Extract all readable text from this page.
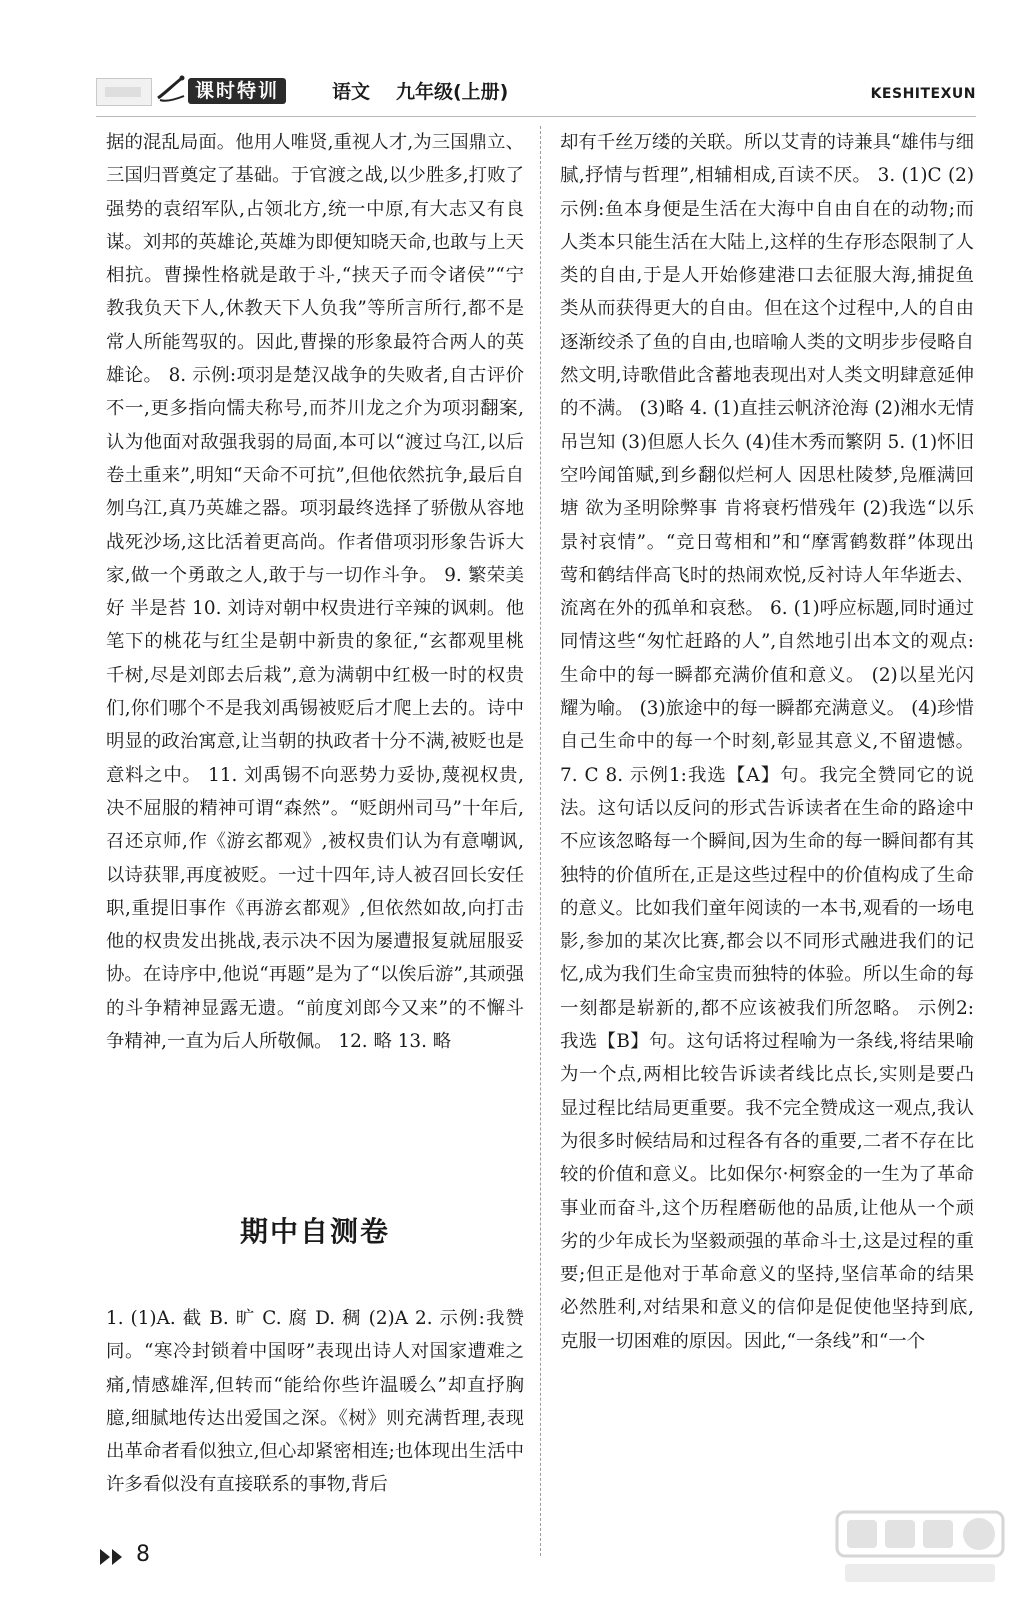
课时特训	语文 九年级(上册)	KESHITEXUN

据的混乱局面。他用人唯贤,重视人才,为三国鼎立、三国归晋奠定了基础。于官渡之战,以少胜多,打败了强势的袁绍军队,占领北方,统一中原,有大志又有良谋。刘邦的英雄论,英雄为即便知晓天命,也敢与上天相抗。曹操性格就是敢于斗,“挟天子而令诸侯”“宁教我负天下人,休教天下人负我”等所言所行,都不是常人所能驾驭的。因此,曹操的形象最符合两人的英雄论。 8. 示例:项羽是楚汉战争的失败者,自古评价不一,更多指向懦夫称号,而芥川龙之介为项羽翻案,认为他面对敌强我弱的局面,本可以“渡过乌江,以后卷土重来”,明知“天命不可抗”,但他依然抗争,最后自刎乌江,真乃英雄之器。项羽最终选择了骄傲从容地战死沙场,这比活着更高尚。作者借项羽形象告诉大家,做一个勇敢之人,敢于与一切作斗争。 9. 繁荣美好 半是苔 10. 刘诗对朝中权贵进行辛辣的讽刺。他笔下的桃花与红尘是朝中新贵的象征,“玄都观里桃千树,尽是刘郎去后栽”,意为满朝中红极一时的权贵们,你们哪个不是我刘禹锡被贬后才爬上去的。诗中明显的政治寓意,让当朝的执政者十分不满,被贬也是意料之中。 11. 刘禹锡不向恶势力妥协,蔑视权贵,决不屈服的精神可谓“森然”。“贬朗州司马”十年后,召还京师,作《游玄都观》,被权贵们认为有意嘲讽,以诗获罪,再度被贬。一过十四年,诗人被召回长安任职,重提旧事作《再游玄都观》,但依然如故,向打击他的权贵发出挑战,表示决不因为屡遭报复就屈服妥协。在诗序中,他说“再题”是为了“以俟后游”,其顽强的斗争精神显露无遗。“前度刘郎今又来”的不懈斗争精神,一直为后人所敬佩。 12. 略 13. 略

期中自测卷

1. (1)A. 截 B. 旷 C. 腐 D. 稠 (2)A 2. 示例:我赞同。“寒冷封锁着中国呀”表现出诗人对国家遭难之痛,情感雄浑,但转而“能给你些许温暖么”却直抒胸臆,细腻地传达出爱国之深。《树》则充满哲理,表现出革命者看似独立,但心却紧密相连;也体现出生活中许多看似没有直接联系的事物,背后

却有千丝万缕的关联。所以艾青的诗兼具“雄伟与细腻,抒情与哲理”,相辅相成,百读不厌。 3. (1)C (2)示例:鱼本身便是生活在大海中自由自在的动物;而人类本只能生活在大陆上,这样的生存形态限制了人类的自由,于是人开始修建港口去征服大海,捕捉鱼类从而获得更大的自由。但在这个过程中,人的自由逐渐绞杀了鱼的自由,也暗喻人类的文明步步侵略自然文明,诗歌借此含蓄地表现出对人类文明肆意延伸的不满。 (3)略 4. (1)直挂云帆济沧海 (2)湘水无情吊岂知 (3)但愿人长久 (4)佳木秀而繁阴 5. (1)怀旧空吟闻笛赋,到乡翻似烂柯人 因思杜陵梦,凫雁满回塘 欲为圣明除弊事 肯将衰朽惜残年 (2)我选“以乐景衬哀情”。“竞日莺相和”和“摩霄鹤数群”体现出莺和鹤结伴高飞时的热闹欢悦,反衬诗人年华逝去、流离在外的孤单和哀愁。 6. (1)呼应标题,同时通过同情这些“匆忙赶路的人”,自然地引出本文的观点:生命中的每一瞬都充满价值和意义。 (2)以星光闪耀为喻。 (3)旅途中的每一瞬都充满意义。 (4)珍惜自己生命中的每一个时刻,彰显其意义,不留遗憾。 7. C 8. 示例1:我选【A】句。我完全赞同它的说法。这句话以反问的形式告诉读者在生命的路途中不应该忽略每一个瞬间,因为生命的每一瞬间都有其独特的价值所在,正是这些过程中的价值构成了生命的意义。比如我们童年阅读的一本书,观看的一场电影,参加的某次比赛,都会以不同形式融进我们的记忆,成为我们生命宝贵而独特的体验。所以生命的每一刻都是崭新的,都不应该被我们所忽略。 示例2:我选【B】句。这句话将过程喻为一条线,将结果喻为一个点,两相比较告诉读者线比点长,实则是要凸显过程比结局更重要。我不完全赞成这一观点,我认为很多时候结局和过程各有各的重要,二者不存在比较的价值和意义。比如保尔·柯察金的一生为了革命事业而奋斗,这个历程磨砺他的品质,让他从一个顽劣的少年成长为坚毅顽强的革命斗士,这是过程的重要;但正是他对于革命意义的坚持,坚信革命的结果必然胜利,对结果和意义的信仰是促使他坚持到底,克服一切困难的原因。因此,“一条线”和“一个

8
